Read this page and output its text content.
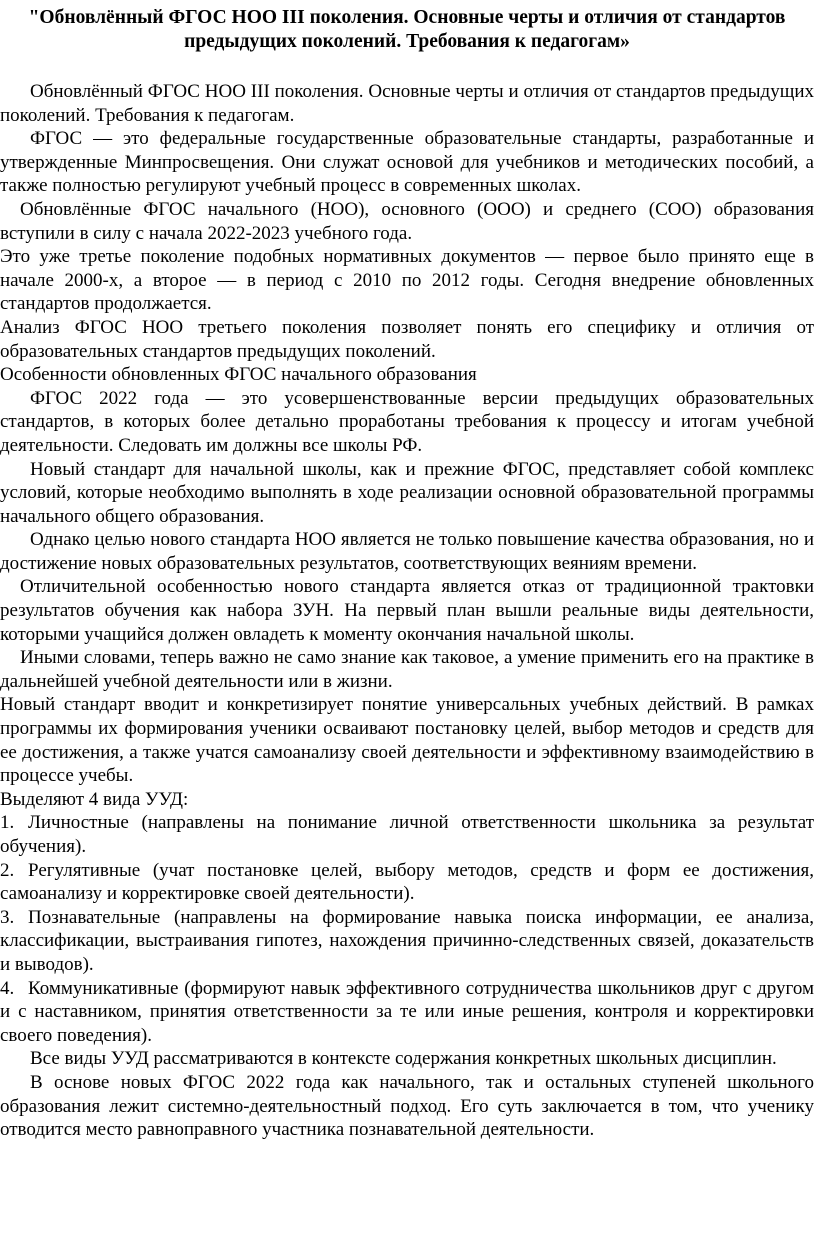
"Обновлённый ФГОС НОО III поколения. Основные черты и отличия от стандартов предыдущих поколений. Требования к педагогам»

Обновлённый ФГОС НОО III поколения. Основные черты и отличия от стандартов предыдущих поколений. Требования к педагогам.

ФГОС — это федеральные государственные образовательные стандарты, разработанные и утвержденные Минпросвещения. Они служат основой для учебников и методических пособий, а также полностью регулируют учебный процесс в современных школах.

Обновлённые ФГОС начального (НОО), основного (ООО) и среднего (СОО) образования вступили в силу с начала 2022-2023 учебного года.

Это уже третье поколение подобных нормативных документов — первое было принято еще в начале 2000-х, а второе — в период с 2010 по 2012 годы. Сегодня внедрение обновленных стандартов продолжается.

Анализ ФГОС НОО третьего поколения позволяет понять его специфику и отличия от образовательных стандартов предыдущих поколений.

Особенности обновленных ФГОС начального образования

ФГОС 2022 года — это усовершенствованные версии предыдущих образовательных стандартов, в которых более детально проработаны требования к процессу и итогам учебной деятельности. Следовать им должны все школы РФ.

Новый стандарт для начальной школы, как и прежние ФГОС, представляет собой комплекс условий, которые необходимо выполнять в ходе реализации основной образовательной программы начального общего образования.

Однако целью нового стандарта НОО является не только повышение качества образования, но и достижение новых образовательных результатов, соответствующих веяниям времени.

Отличительной особенностью нового стандарта является отказ от традиционной трактовки результатов обучения как набора ЗУН. На первый план вышли реальные виды деятельности, которыми учащийся должен овладеть к моменту окончания начальной школы.

Иными словами, теперь важно не само знание как таковое, а умение применить его на практике в дальнейшей учебной деятельности или в жизни.

Новый стандарт вводит и конкретизирует понятие универсальных учебных действий. В рамках программы их формирования ученики осваивают постановку целей, выбор методов и средств для ее достижения, а также учатся самоанализу своей деятельности и эффективному взаимодействию в процессе учебы.

Выделяют 4 вида УУД:

1. Личностные (направлены на понимание личной ответственности школьника за результат обучения).

2. Регулятивные (учат постановке целей, выбору методов, средств и форм ее достижения, самоанализу и корректировке своей деятельности).

3. Познавательные (направлены на формирование навыка поиска информации, ее анализа, классификации, выстраивания гипотез, нахождения причинно-следственных связей, доказательств и выводов).

4. Коммуникативные (формируют навык эффективного сотрудничества школьников друг с другом и с наставником, принятия ответственности за те или иные решения, контроля и корректировки своего поведения).

Все виды УУД рассматриваются в контексте содержания конкретных школьных дисциплин.

В основе новых ФГОС 2022 года как начального, так и остальных ступеней школьного образования лежит системно-деятельностный подход. Его суть заключается в том, что ученику отводится место равноправного участника познавательной деятельности.
